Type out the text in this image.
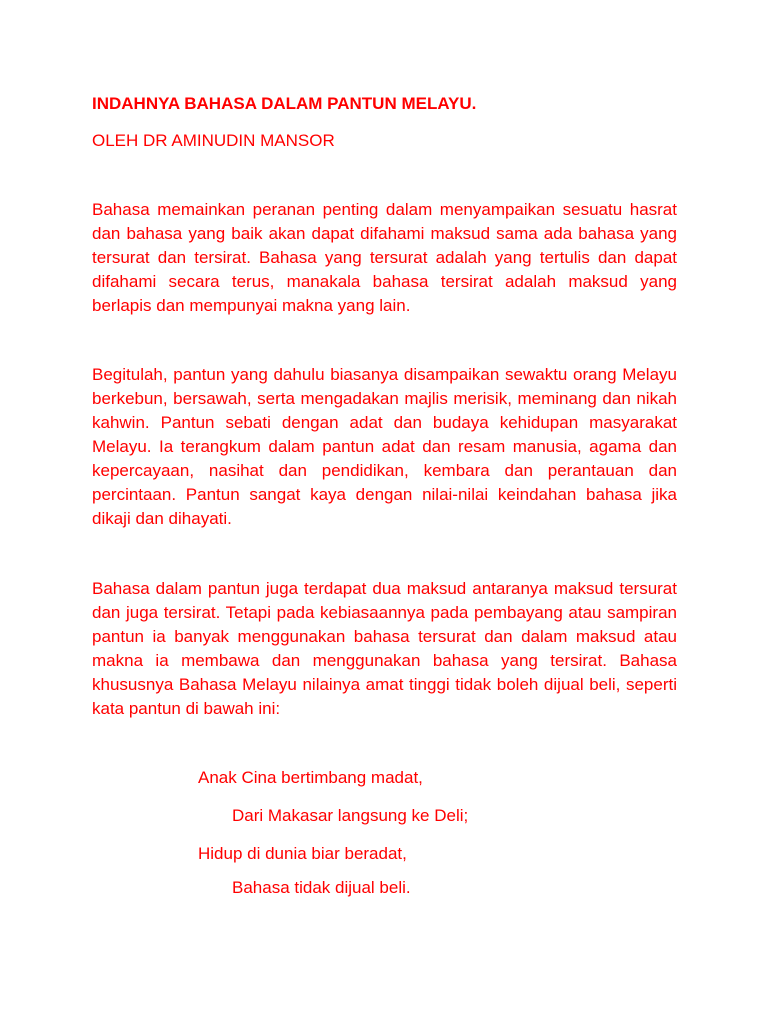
INDAHNYA BAHASA DALAM PANTUN MELAYU.

OLEH DR AMINUDIN MANSOR

Bahasa memainkan peranan penting dalam menyampaikan sesuatu hasrat dan bahasa yang baik akan dapat difahami maksud sama ada bahasa yang tersurat dan tersirat. Bahasa yang tersurat adalah yang tertulis dan dapat difahami secara terus, manakala bahasa tersirat adalah maksud yang berlapis dan mempunyai makna yang lain.

Begitulah, pantun yang dahulu biasanya disampaikan sewaktu orang Melayu berkebun, bersawah, serta mengadakan majlis merisik, meminang dan nikah kahwin. Pantun sebati dengan adat dan budaya kehidupan masyarakat Melayu. Ia terangkum dalam pantun adat dan resam manusia, agama dan kepercayaan, nasihat dan pendidikan, kembara dan perantauan dan percintaan. Pantun sangat kaya dengan nilai-nilai keindahan bahasa jika dikaji dan dihayati.

Bahasa dalam pantun juga terdapat dua maksud antaranya maksud tersurat dan juga tersirat. Tetapi pada kebiasaannya pada pembayang atau sampiran pantun ia banyak menggunakan bahasa tersurat dan dalam maksud atau makna ia membawa dan menggunakan bahasa yang tersirat. Bahasa khususnya Bahasa Melayu nilainya amat tinggi tidak boleh dijual beli, seperti kata pantun di bawah ini:

Anak Cina bertimbang madat,

Dari Makasar langsung ke Deli;

Hidup di dunia biar beradat,

Bahasa tidak dijual beli.
